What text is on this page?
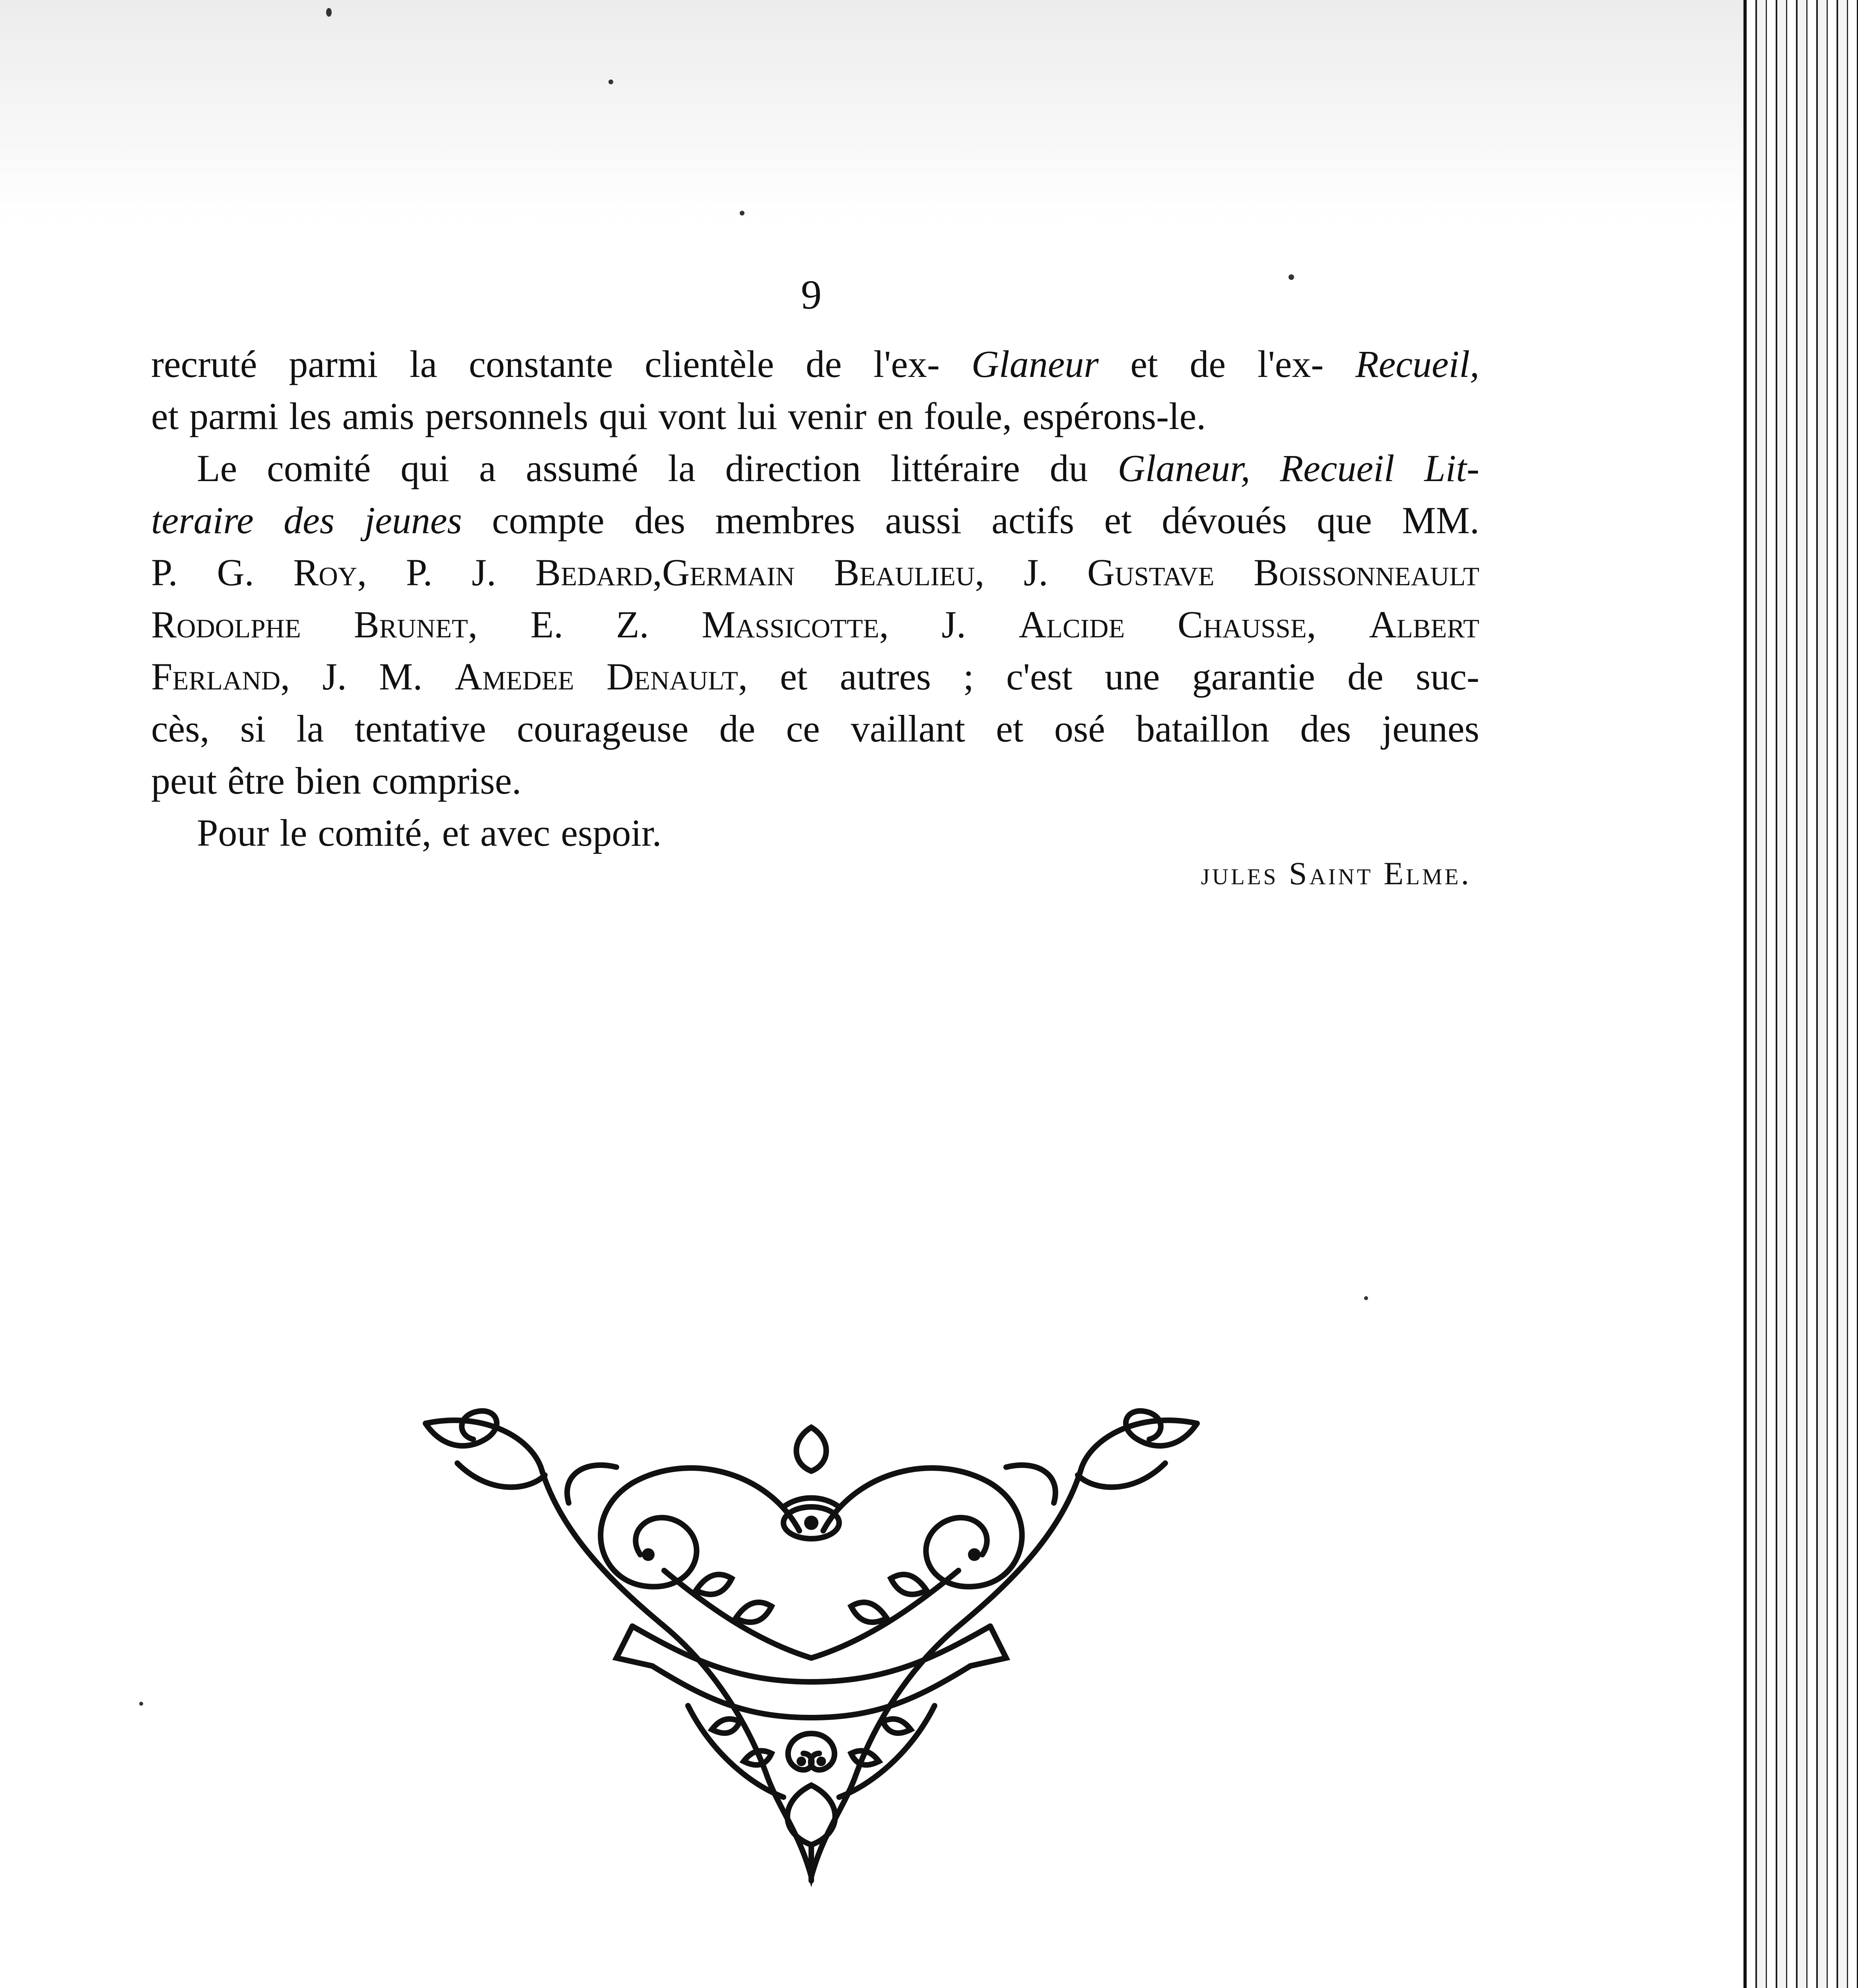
9
recruté parmi la constante clientèle de l'ex- Glaneur et de l'ex- Recueil,
et parmi les amis personnels qui vont lui venir en foule, espérons-le.
Le comité qui a assumé la direction littéraire du Glaneur, Recueil Lit-
teraire des jeunes compte des membres aussi actifs et dévoués que MM.
P. G. Roy, P. J. Bedard,Germain Beaulieu, J. Gustave Boissonneault
Rodolphe Brunet, E. Z. Massicotte, J. Alcide Chausse, Albert
Ferland, J. M. Amedee Denault, et autres ; c'est une garantie de suc-
cès, si la tentative courageuse de ce vaillant et osé bataillon des jeunes
peut être bien comprise.
Pour le comité, et avec espoir.
jules Saint Elme.
